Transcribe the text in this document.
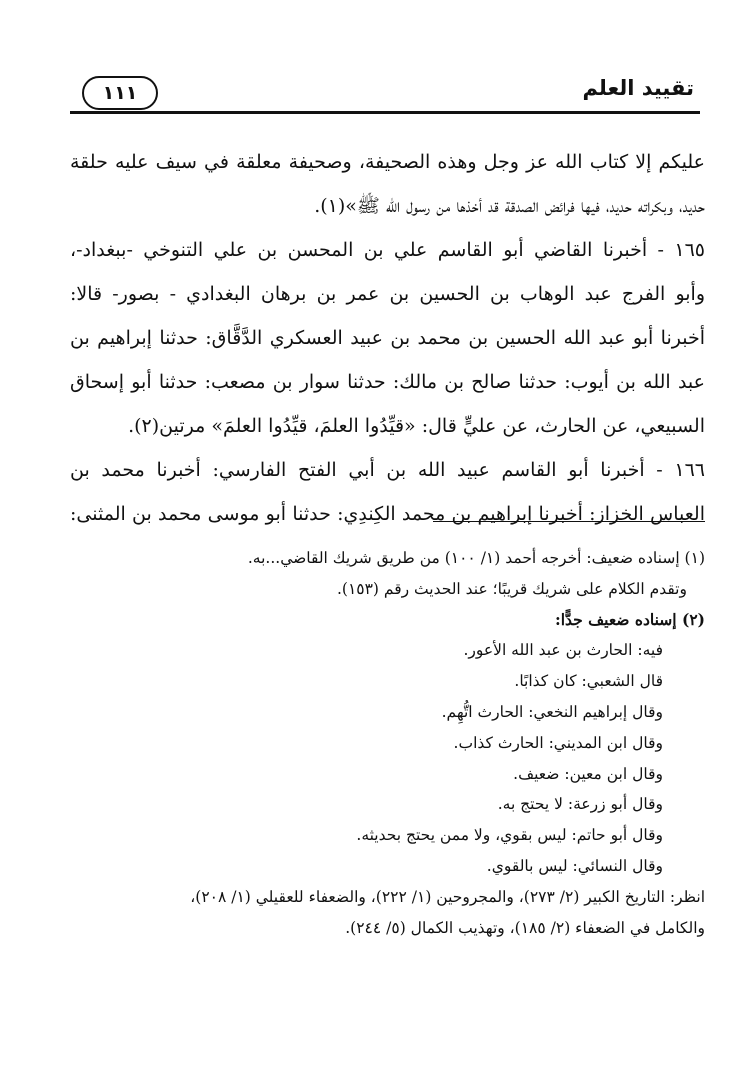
تقييد العلم
١١١
عليكم إلا كتاب الله عز وجل وهذه الصحيفة، وصحيفة معلقة في سيف عليه حلقة
حديد، وبكراته حديد، فيها فرائض الصدقة قد أخذها من رسول الله ﷺ»(١).
١٦٥ - أخبرنا القاضي أبو القاسم علي بن المحسن بن علي التنوخي -ببغداد-،
وأبو الفرج عبد الوهاب بن الحسين بن عمر بن برهان البغدادي - بصور- قالا:
أخبرنا أبو عبد الله الحسين بن محمد بن عبيد العسكري الدَّقَّاق: حدثنا إبراهيم بن
عبد الله بن أيوب: حدثنا صالح بن مالك: حدثنا سوار بن مصعب: حدثنا أبو إسحاق
السبيعي، عن الحارث، عن عليٍّ قال: «قيِّدُوا العلمَ، قيِّدُوا العلمَ» مرتين(٢).
١٦٦ - أخبرنا أبو القاسم عبيد الله بن أبي الفتح الفارسي: أخبرنا محمد بن
العباس الخزاز: أخبرنا إبراهيم بن محمد الكِندِي: حدثنا أبو موسى محمد بن المثنى:
(١) إسناده ضعيف: أخرجه أحمد (١/ ١٠٠) من طريق شريك القاضي...به.
وتقدم الكلام على شريك قريبًا؛ عند الحديث رقم (١٥٣).
(٢) إسناده ضعيف جدًّا:
فيه: الحارث بن عبد الله الأعور.
قال الشعبي: كان كذابًا.
وقال إبراهيم النخعي: الحارث اتُّهِم.
وقال ابن المديني: الحارث كذاب.
وقال ابن معين: ضعيف.
وقال أبو زرعة: لا يحتج به.
وقال أبو حاتم: ليس بقوي، ولا ممن يحتج بحديثه.
وقال النسائي: ليس بالقوي.
انظر: التاريخ الكبير (٢/ ٢٧٣)، والمجروحين (١/ ٢٢٢)، والضعفاء للعقيلي (١/ ٢٠٨)،
والكامل في الضعفاء (٢/ ١٨٥)، وتهذيب الكمال (٥/ ٢٤٤).
